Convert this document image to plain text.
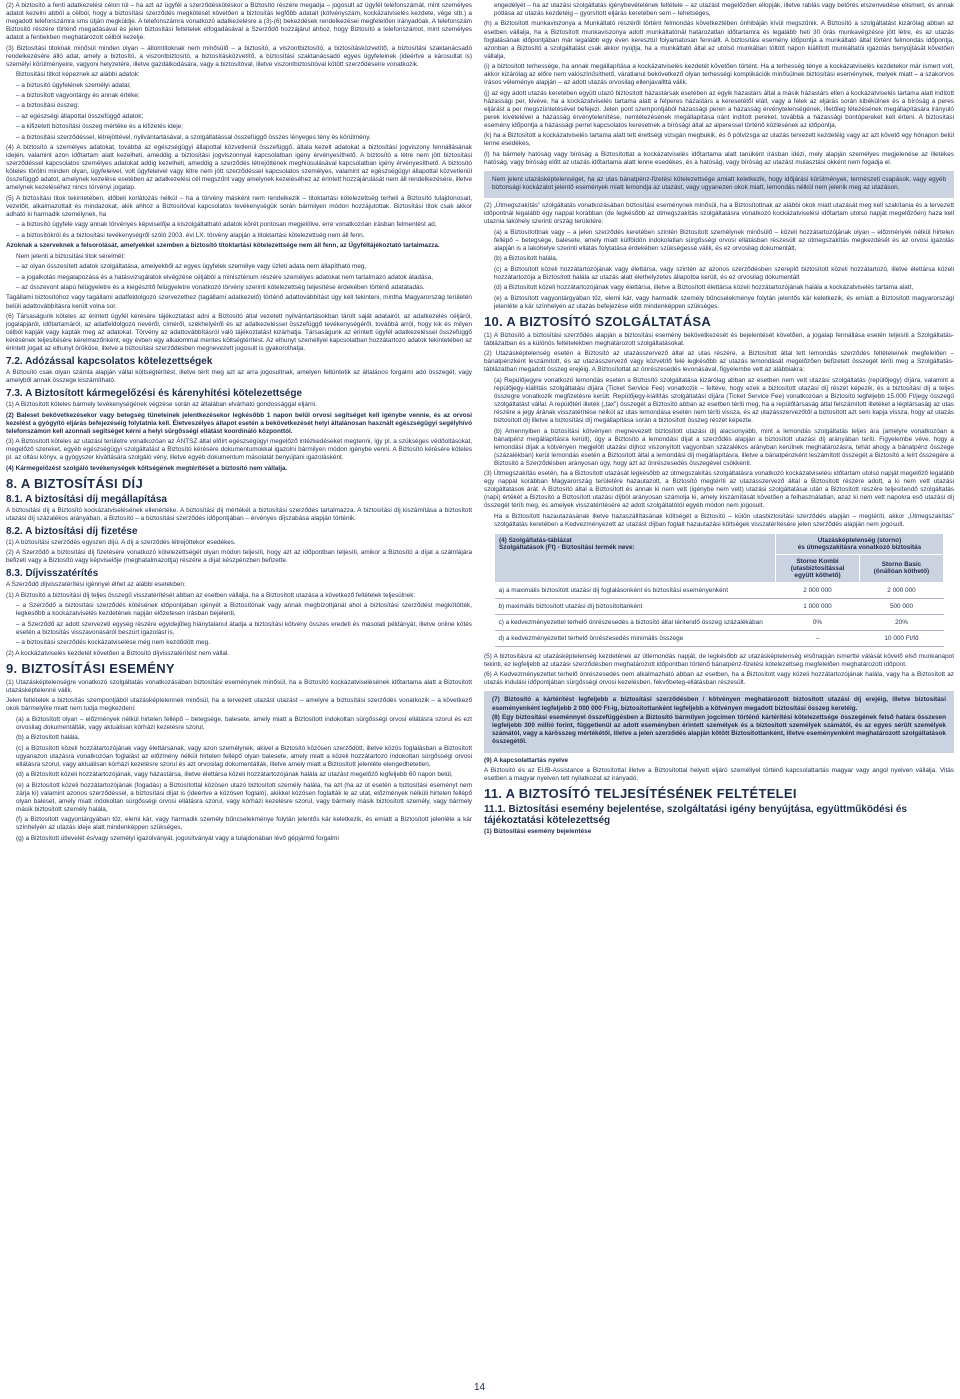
(2) A biztosító a fenti adatkezelési célon túl – ha azt az ügyfél a szerződéskötéskor a Biztosító részére megadja – jogosult az ügyfél telefonszámát, mint személyes adatot kezelni abból a célból, hogy a biztosítási szerződés megkötését követően a biztosítás legfőbb adatait (kötvényszám, kockázatviselés kezdete, vége stb.) a megadott telefonszámra sms útján megküldje. A telefonszámra vonatkozó adatkezelésre a (3)-(6) bekezdések rendelkezései megfelelően irányadóak. A telefonszám Biztosító részére történő megadásával és jelen biztosítási feltételek elfogadásával a Szerződő hozzájárul ahhoz, hogy Biztosító a telefonszámot, mint személyes adatot a fentiekben meghatározott célból kezelje.

(3) Biztosítási titoknak minősül minden olyan – állomtitoknak nem minősülő – a biztosító, a viszontbiztosító, a biztosításközvetítő, a biztosítási szaktanácsadó rendelkezésére álló adat, amely a biztosító, a viszontbiztosító, a biztosításközvetítő, a biztosítási szaktanácsadó egyes ügyfeleinek (ideértve a károsultat is) személyi körülményeire, vagyoni helyzetére, illetve gazdálkodására, vagy a biztosítóval, illetve viszontbiztosítóval kötött szerződéseire vonatkozik.

Biztosítási titkot képeznek az alábbi adatok:

– a biztosító ügyfelének személyi adatai;

– a biztosított vagyontárgy és annak értéke;

– a biztosítási összeg;

– az egészségi állapottal összefüggő adatok;

– a kifizetett biztosítási összeg mértéke és a kifizetés ideje;

– a biztosítási szerződéssel, létrejöttével, nyilvántartásával, a szolgáltatással összefüggő összes lényeges tény és körülmény.

(4) A biztosító a személyes adatokat, továbbá az egészségügyi állapottal közvetlenül összefüggő, általa kezelt adatokat a biztosítási jogviszony fennállásának idején, valamint azon időtartam alatt kezelheti, ameddig a biztosítási jogviszonnyal kapcsolatban igény érvényesíthető. A biztosító a létre nem jött biztosítási szerződéssel kapcsolatos személyes adatokat addig kezelheti, ameddig a szerződés létrejöttének meghiúsulásával kapcsolatban igény érvényesíthető. A biztosító köteles törölni minden olyan, ügyfeleivel, volt ügyfeleivel vagy létre nem jött szerződéssel kapcsolatos személyes, valamint az egészségügyi állapottal közvetlenül összefüggő adatot, amelynek kezelése esetében az adatkezelési cél megszűnt vagy amelynek kezeléséhez az érintett hozzájárulását nem áll rendelkezésére, illetve amelynek kezeléséhez nincs törvényi jogalap.

(5) A biztosítási titok tekintetében, időbeli korlátozás nélkül – ha a törvény másként nem rendelkezik – titoktartási kötelezettség terheli a Biztosító tulajdonosait, vezetőit, alkalmazottait és mindazokat, akik ahhoz a Biztosítóval kapcsolatos tevékenységük során bármilyen módon hozzájutottak. Biztosítási titok csak akkor adható ki harmadik személynek, ha

– a biztosító ügyfele vagy annak törvényes képviselője a kiszolgáltatható adatok körét pontosan megjelölve, erre vonatkozóan írásban felmentést ad,

– a biztosítókról és a biztosítási tevékenységről szóló 2003. évi LX. törvény alapján a titoktartási kötelezettség nem áll fenn.

Azoknak a szerveknek a felsorolását, amelyekkel szemben a biztosító titoktartási kötelezettsége nem áll fenn, az Ügyféltájékoztató tartalmazza.

Nem jelenti a biztosítási titok sérelmét:

– az olyan összesített adatok szolgáltatása, amelyekből az egyes ügyfelek személye vagy üzleti adata nem állapítható meg,

– a jogalkotás megalapozása és a hatásvizsgálatok elvégzése céljából a minisztérium részére személyes adatokat nem tartalmazó adatok átadása,

– az összevont alapú felügyeletre és a kiegészítő felügyeletre vonatkozó törvény szerinti kötelezettség teljesítése érdekében történő adatátadás.

Tagállami biztosítóhoz vagy tagállami adatfeldolgozó szervezethez (tagállami adatkezelő) történő adattovábbítást úgy kell tekinteni, mintha Magyarország területén belüli adattovábbításra került volna sor.

(6) Társaságunk köteles az érintett ügyfél kérésére tájékoztatást adni a Biztosító által vezetett nyilvántartásokban tárolt saját adatairól, az adatkezelés céljáról, jogalapjáról, időtartamáról, az adatfeldolgozó nevéről, címéről, székhelyéről és az adatkezeléssel összefüggő tevékenységéről, továbbá arról, hogy kik és milyen célból kapják vagy kapták meg az adatokat. Törvény az adattovábbításról való tájékoztatást kizárhatja. Társaságunk az érintett ügyfél adatkezeléssel összefüggő kérésének teljesítésére kérelmezőnként, egy évben egy alkalommal mentes költségtérítést. Az elhunyt személlyel kapcsolatban hozzátartozó adatok tekintetében az érintett jogait az elhunyt örököse, illetve a biztosítási szerződésben megnevezett jogosult is gyakorolhatja.

7.2. Adózással kapcsolatos kötelezettségek

A Biztosító csak olyan számla alapján vállal költségtérítést, illetve térít meg azt az arra jogosultnak, amelyen feltüntetik az általános forgalmi adó összegét, vagy amelyből annak összege kiszámítható.

7.3. A Biztosított kármegelőzési és kárenyhítési kötelezettsége

(1) A Biztosított köteles bármely tevékenységének végzése során az általában elvárható gondossággal eljárni.

(2) Baleset bekövetkezésekor vagy betegség tüneteinek jelentkezésekor legkésőbb 1 napon belül orvosi segítséget kell igénybe vennie, és az orvosi kezelést a gyógyító eljárás befejezéséig folytatnia kell. Életveszélyes állapot esetén a bekövetkezését helyi általánosan használt egészségügyi segélyhívó telefonszámon kell azonnali segítséget kérni a helyi sürgősségi ellátást koordináló központtól.

(3) A Biztosított köteles az utazási területre vonatkozóan az ÁNTSZ által előírt egészségügyi megelőző intézkedéseket megtenni, így pl. a szükséges védőoltásokat, megelőző szereket, egyéb egészségügyi szolgáltatást a Biztosító kérésére dokumentumokkal igazolni bármilyen módon igénybe venni. A Biztosító kérésére köteles pl. az oltási könyv, a gyógyszer kiváltására szolgáló vény, illetve egyéb dokumentum másolatát benyújtani igazolásként.

(4) Kármegelőzést szolgáló tevékenységek költségének megtérítését a biztosító nem vállalja.

8. A BIZTOSÍTÁSI DÍJ
8.1. A biztosítási díj megállapítása

A biztosítási díj a Biztosító kockázatviselésének ellenértéke. A biztosítási díj mértékét a biztosítási szerződés tartalmazza. A biztosítási díj kiszámítása a biztosított utazási díj százalékos arányában, a Biztosító – a biztosítási szerződés időpontjában – érvényes díjszabása alapján történik.

8.2. A biztosítási díj fizetése

(1) A biztosítási szerződés egyszeri díjú. A díj a szerződés létrejöttekor esedékes.

(2) A Szerződő a biztosítási díj fizetésére vonatkozó kötelezettségét olyan módon teljesíti, hogy azt az időpontban teljesíti, amikor a Biztosító a díjat a számlájára befizeti vagy a Biztosító vagy képviselője (meghatalmazottja) részére a díjat készpénzben befizette.

8.3. Díjvisszatérítés

A Szerződő díjvisszatérítési igénnyel élhet az alábbi esetekben:

(1) A Biztosító a biztosítási díj teljes összegű visszatérítését abban az esetben vállalja, ha a Biztosított utazása a következő feltételek teljesülnek:

– a Szerződő a biztosítási szerződés kötésének időpontjában igényét a Biztosítónak vagy annak megbízottjánál ahol a biztosítási szerződést megkötötték, legkésőbb a kockázatviselés kezdetének napján előzetesen írásban bejelenti,

– a Szerződő az adott szervezeti egység részére egyidejűleg hiánytalanul átadja a biztosítási kötvény összes eredeti és másolati példányát, illetve online kötés esetén a biztosítás visszavonásáról beszúrt igazolást is,

– a biztosítási szerződés kockázatviselése még nem kezdődött meg.

(2) A kockázatviselés kezdetét követően a Biztosító díjvisszatérítést nem vállal.

9. BIZTOSÍTÁSI ESEMÉNY

(1) Utazásképtelenségre vonatkozó szolgáltatás vonatkozásában biztosítási eseménynek minősül, ha a Biztosító kockázatviselésének időtartama alatt a Biztosított utazásképtelenné válik.

Jelen feltételek a biztosítás szempontjából utazásképtelennek minősül, ha a tervezett utazást utazást – amelyre a biztosítási szerződés vonatkozik – a következő okok bármelyike miatt nem tudja megkezdeni:

(a) a Biztosított olyan – előzmények nélkül hirtelen fellépő – betegsége, balesete, amely miatt a Biztosított indokoltan sürgősségi orvosi ellátásra szorul és ezt orvosilag dokumentálták, vagy aktuálisan kórházi kezelésre szorul,

(b) a Biztosított halála,

(c) a Biztosított közeli hozzátartozójának vagy élettársának, vagy azon személynek, akivel a Biztosító közösen szerződött, illetve közös foglalásban a Biztosított ugyanazon utazásra vonatkozóan foglalást az előzmény nélkül hirtelen fellépő olyan balesete, amely miatt a közeli hozzátartozó indokoltan sürgősségi orvosi ellátásra szorul, vagy aktuálisan kórházi kezelésre szorul és azt orvosilag dokumentálták, illetve amely miatt a Biztosított jelenléte elengedhetetlen,

(d) a Biztosított közeli hozzátartozójának, vagy házastársa, illetve élettársa közeli hozzátartozójának halála az utazást megelőző legfeljebb 60 napon belül,

(e) a Biztosított közeli hozzátartozójának (fogadás) a Biztosítottal közösen utazó biztosított személy halála, ha azt (ha az út esetén a biztosítási eseményt nem zárja ki) valamint azonos szerződéssel, a biztosítási díjat is (ideértve a közösen foglaló), akikkel közösen foglalták le az utat, előzmények nélküli hirtelen fellépő olyan baleset, amely miatt indokoltan sürgősségi orvosi ellátásra szorul, vagy kórházi kezelésre szorul, vagy bármely másik biztosított személy, vagy bármely másik biztosított személy halála,

(f) a Biztosított vagyontárgyában tűz, elemi kár, vagy harmadik személy bűncselekménye folytán jelentős kár keletkezik, és emiatt a Biztosított jelenléte a kár színhelyén az utazás ideje alatt mindenképpen szükséges,

(g) a Biztosított útlevelét és/vagy személyi igazolványát, jogosítványát vagy a tulajdonában lévő gépjármű forgalmi

engedélyét – ha az utazási szolgáltatás igénybevételének feltétele – az utazást megelőzően ellopják, illetve rablás vagy betörés elszenvedése elismert, és annak pótlása az utazás kezdetéig – gyorsított eljárás keretében sem – lehetséges,

(h) a Biztosított munkaviszonya a Munkáltató részéről történt felmondás következtében önhibáján kívül megszűnik. A Biztosító a szolgáltatást kizárólag abban az esetben vállalja, ha a Biztosított munkaviszonya adott munkáltatónál határozatlan időtartamra és legalább heti 30 órás munkavégzésre jött létre, és az utazás foglalásának időpontjában már legalább egy éven keresztül folyamatosan fennállt. A biztosítási esemény időpontja a munkáltató által történt felmondás időpontja, azonban a Biztosító a szolgáltatást csak akkor nyújtja, ha a munkáltató által az utolsó munkában töltött napon kiállított munkáltatói igazolás benyújtását követően vállalja,

(i) a biztosított terhessége, ha annak megállapítása a kockázatviselés kezdetét követően történt. Ha a terhesség ténye a kockázatviselés kezdetekor már ismert volt, akkor kizárólag az előre nem valószínűsíthető, váratlanul bekövetkező olyan terhességi komplikációk minősülnek biztosítási eseménynek, melyek miatt – a szakorvos írásos véleménye alapján – az adott utazás orvosilag ellenjavallttá válik.

(j) az egy adott utazás keretében együtt utazó biztosított házastársak esetében az egyik házastárs által a másik házastárs ellen a kockázatviselés tartama alatt indított házassági per, kivéve, ha a kockázatviselés tartama alatt a felperes házastárs a keresetétől eláll, vagy a felek az eljárás során kibékülnek és a bíróság a peres eljárást a per megszüntetésével befejezi. Jelen pont szempontjából házassági peren a házasság érvénytelenségének, illetőleg létezésének megállapítására irányuló perek kivételével a házasság érvénytelenítése, nemlétezésének megállapítása iránt indított pereket, továbbá a házassági bontópereket kell érteni. A biztosítási esemény időpontja a házassági perrel kapcsolatos keresetnek a bírósági által az alperessel történő közlésének az időpontja,

(k) ha a Biztosított a kockázatviselés tartama alatt tett érettségi vizsgán megbukik, és ő pótvizsga az utazás tervezett kezdetéig vagy az azt követő egy hónapon belül lenne esedékes,

(l) ha bármely hatóság vagy bíróság a Biztosítottat a kockázatviselés időtartama alatt tanúként írásban idézi, mely alapján személyes megjelenése az illetékes hatóság, vagy bíróság előtt az utazás időtartama alatt lenne esedékes, és a hatóság, vagy bíróság az utazást mulasztási okként nem fogadja el.

Nem jelent utazásképtelenséget, ha az utas bánatpénz-fizetési kötelezettsége amiatt keletkezik, hogy időjárási körülmények, természeti csapások, vagy egyéb biztonsági kockázatot jelentő események miatt lemondja az utazást, vagy ugyanezen okok miatt, lemondás nélkül nem jelenik meg az utazáson.

(2) „Útmegszakítás” szolgáltatás vonatkozásában biztosítási eseménynek minősül, ha a Biztosítottnak az alábbi okok miatt utazását meg kell szakítania és a tervezett időpontnál legalább egy nappal korábban (de legkésőbb az útmegszakítás szolgáltatásra vonatkozó kockázatviselési időtartam utolsó napját megelőzően) haza kell utaznia lakóhely szerinti ország területére:

(a) a Biztosítottnak vagy – a jelen szerződés keretében szintén Biztosított személynek minősülő – közeli hozzátartozójának olyan – előzmények nélkül hirtelen fellépő – betegsége, balesete, amely miatt külföldön indokolatlan sürgősségi orvosi ellátásban részesült az útmegszakítás megkezdését és az orvosi igazolás alapján is a lakóhelye szerinti ellátás folytatása érdekében szükségessé válik, és ez orvosilag dokumentált,

(b) a Biztosított halála,

(c) a Biztosított közeli hozzátartozójának vagy élettársa, vagy szintén az azonos szerződésben szereplő biztosított közeli hozzátartozó, illetve élettársa közeli hozzátartozója a Biztosított halála az utazás alatt élethelyzetes állapotba került, és ez orvosilag dokumentált

(d) a Biztosított közeli hozzátartozójának vagy élettársa, illetve a Biztosított élettársa közeli hozzátartozójának halála a kockázatviselés tartama alatt,

(e) a Biztosított vagyontárgyában tűz, elemi kár, vagy harmadik személy bűncselekménye folytán jelentős kár keletkezik, és emiatt a Biztosított magyarországi jelenléte a kár színhelyén az utazás befejezése előtt mindenképpen szükséges.

10. A BIZTOSÍTÓ SZOLGÁLTATÁSA

(1) A Biztosító a biztosítási szerződés alapján a biztosítási esemény bekövetkezését és bejelentését követően, a jogalap fennállása esetén teljesíti a Szolgáltatás-táblázatban és a különös feltételekben meghatározott szolgáltatásokat.

(2) Utazásképtelenség esetén a Biztosító az utazásszervező által az utas részére, a Biztosított által tett lemondás szerződés feltételeinek megfelelően – bánatpénzként leszámított, és az utazásszervező vagy közvetítő felé legkésőbb az utazás lemondását megelőzően befizetett összegét téríti meg a Szolgáltatás-táblázatban megadott összeg erejéig. A Biztosítottat az önrészesedés levonásával, figyelembe vett az alábbiakra:

(a) Repülőjegyre vonatkozó lemondás esetén a Biztosító szolgáltatása kizárólag abban az esetben nem vett utazási szolgáltatás (repülőjegy) díjára, valamint a repülőjegy-kiállítás szolgáltatási díjára (Ticket Service Fee) vonatkozik – feltéve, hogy ezek a biztosított utazási díj részét képezik, és a biztosítási díj a teljes összegre vonatkozik megfizetésre került. Repülőjegy-kiállítás szolgáltatási díjára (Ticket Service Fee) vonatkozóan a Biztosító legfeljebb 15.000 Ft/jegy összegű szolgáltatást vállal. A repülőtéri illeték („tax”) összegét a Biztosító abban az esetben téríti meg, ha a repülőtársaság által felszámított illetéket a légitársaság az utas részére a jegy árának visszatérítése nélkül az utas lemondása esetén nem téríti vissza, és az utazásszervezőtől a biztosított azt sem kapja vissza, hogy az utazás biztosított díj illetve a biztosítási díj megállapítása során a biztosított összeg részét képezte.

(b) Amennyiben a biztosítási kötvényen megnevezett biztosított utazási díj alacsonyabb, mint a lemondás szolgáltatás teljes ára (amelyre vonatkozóan a bánatpénz megállapításra került), úgy a Biztosító a lemondási díjat a szerződés alapján a biztosított utazási díj arányában teríti. Figyelembe véve, hogy a lemondási díjak a kötvényen megjelölt utazási díjhoz viszonyított vagyonban százalékos arányban kerülnek meghatározásra, tehát ahogy a bánatpénz összege (százalékban) kerül lemondás esetén a Biztosított által a lemondási díj megállapításra, illetve a bánatpénzként leszámított összegét a Biztosító a leírt összegére a Biztosító a Szerződésben arányosan úgy, hogy azt az önrészesedés összegével csökkenti.

(3) Útmegszakítás esetén, ha a Biztosított utazását legkésőbb az útmegszakítás szolgáltatásra vonatkozó kockázatviselési időtartam utolsó napját megelőző legalább egy nappal korábban Magyarország területére hazautazott, a Biztosító megtéríti az utazásszervező által a Biztosított részére adott, a ki nem vett utazási szolgáltatások árát. A Biztosító által a Biztosított és annak ki nem vett (igénybe nem vett) utazási szolgáltatásai után a Biztosított részére teljesítendő szolgáltatás (napi) értékét a Biztosító a Biztosított utazási díjból arányosan számolja ki, amely kiszámítását követően a felhasználatlan, azaz ki nem vett napokra eső utazási díj összegét téríti meg, és amelyek visszatérítésére az adott szolgáltatótól egyéb módon nem jogosult.

Ha a Biztosított hazautazásának illetve hazaszállításának költségét a Biztosító – külön utasbiztosítási szerződés alapján – megtéríti, akkor „Útmegszakítás” szolgáltatás keretében a Kedvezményezett az utazást díjban foglalt hazautazási költségek visszatérítésére jelen szerződés alapján nem jogosult.

(4) Szolgáltatás-táblázat
Szolgáltatások (Ft) - Biztosítási termék neve:	Utazásképtelenség (storno)
és útmegszakításra vonatkozó biztosítás	
	Storno Kombi
(utasbiztosítással
együtt köthető)	Storno Basic
(önállóan köthető)
a) a maximális biztosított utazási díj foglalásonként és biztosítási eseményenként	2 000 000	2 000 000
b) maximális biztosított utazási díj biztosítottanként	1 000 000	500 000
c) a kedvezményezettel terhelő önrészesedés a biztosító által térítendő összeg százalékában	0%	20%
d) a kedvezményezettet terhelő önrészesedés minimális összege	–	10 000 Ft/fő

(5) A biztosításra az utazásképtelenség kezdetének az útlemondás napját, de legkésőbb az utazásképtelenség elsőnapján ismertté válását követő első munkanapot tekinti, ez legfeljebb az utazási szerződésben meghatározott időpontban történő bánatpénz-fizetési kötelezettség megfelelően meghatározott időpont.

(6) A Kedvezményezettet terhelő önrészesedés nem alkalmazható abban az esetben, ha a Biztosított vagy közeli hozzátartozójának halála, vagy ha a Biztosított az utazás indulási időpontjában sürgősségi orvosi kezelésben, fekvőbeteg-ellátásban részesült.

(7) Biztosító a kártérítést legfeljebb a biztosítási szerződésben / kötvényen meghatározott biztosított utazási díj erejéig, illetve biztosítási eseményenként legfeljebb 2 000 000 Ft-ig, biztosítottanként legfeljebb a kötvényen megadott biztosítási összeg keretéig.

(8) Egy biztosítási eseménnyel összefüggésben a Biztosító bármilyen jogcímen történő kártérítési kötelezettsége összegének felső határa összesen legfeljebb 300 millió forint, függetlenül az adott eseményben érintett személyek és a biztosított személyek számától, és az egyes sérült személyek számától, vagy a kárösszeg mértékétől, illetve a jelen szerződés alapján kötött Biztosítottanként, illetve eseményenként meghatározott szolgáltatások összegétől.

(9) A kapcsolattartás nyelve

A Biztosító és az EUB-Assistance a Biztosítottal illetve a Biztosítottal helyett eljáró személlyel történő kapcsolattartás magyar vagy angol nyelven vállalja. Vitás esetben a magyar nyelven tett nyilatkozat az irányadó.

11. A BIZTOSÍTÓ TELJESÍTÉSÉNEK FELTÉTELEI
11.1. Biztosítási esemény bejelentése, szolgáltatási igény benyújtása, együttműködési és tájékoztatási kötelezettség

(1) Biztosítási esemény bejelentése

14
